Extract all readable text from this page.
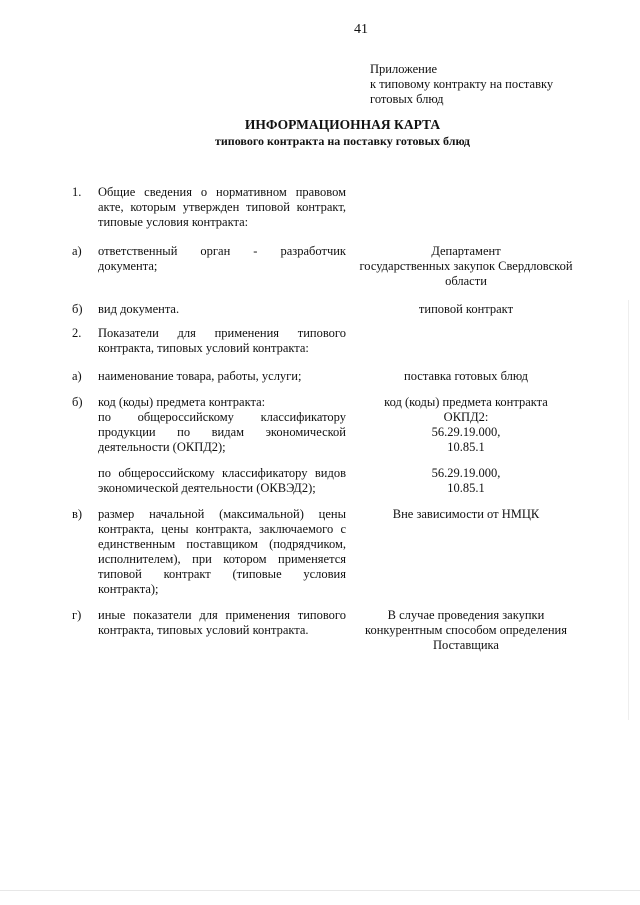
41
Приложение
к типовому контракту на поставку
готовых блюд
ИНФОРМАЦИОННАЯ КАРТА
типового контракта на поставку готовых блюд
1. Общие сведения о нормативном правовом акте, которым утвержден типовой контракт, типовые условия контракта:
а) ответственный орган - разработчик документа;
Департамент
государственных закупок Свердловской
области
б) вид документа.	типовой контракт
2. Показатели для применения типового контракта, типовых условий контракта:
а) наименование товара, работы, услуги;	поставка готовых блюд
б) код (коды) предмета контракта:
по общероссийскому классификатору продукции по видам экономической деятельности (ОКПД2);
код (коды) предмета контракта
ОКПД2:
56.29.19.000,
10.85.1
по общероссийскому классификатору видов экономической деятельности (ОКВЭД2);
56.29.19.000,
10.85.1
в) размер начальной (максимальной) цены контракта, цены контракта, заключаемого с единственным поставщиком (подрядчиком, исполнителем), при котором применяется типовой контракт (типовые условия контракта);
Вне зависимости от НМЦК
г) иные показатели для применения типового контракта, типовых условий контракта.
В случае проведения закупки
конкурентным способом определения
Поставщика
